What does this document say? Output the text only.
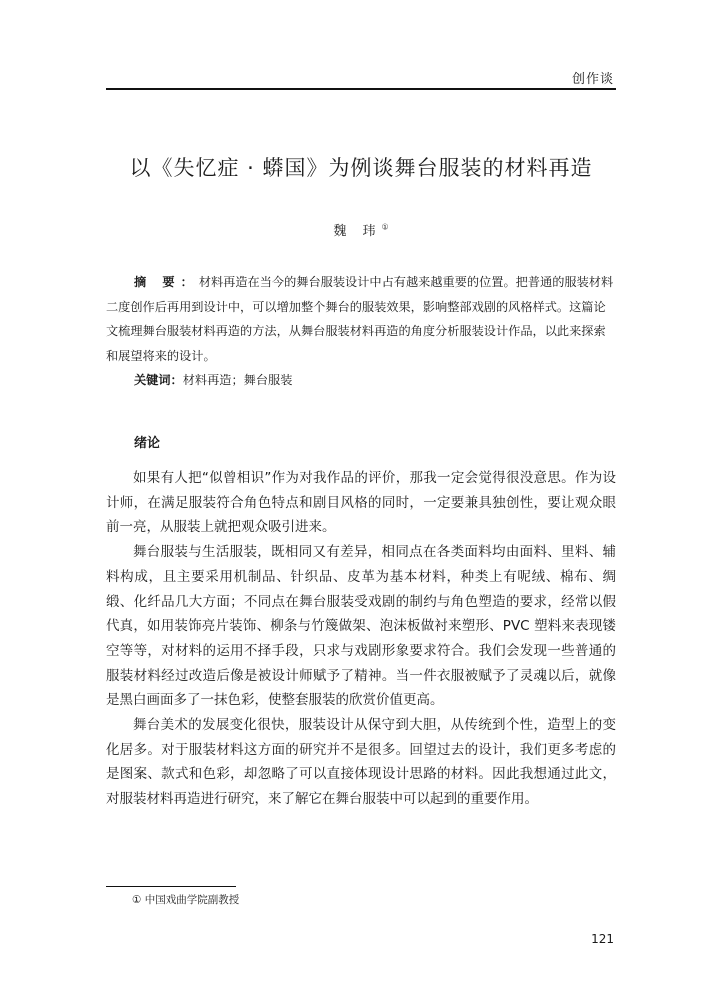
创作谈
以《失忆症 · 蟒国》为例谈舞台服装的材料再造
魏 玮①
摘 要：材料再造在当今的舞台服装设计中占有越来越重要的位置。把普通的服装材料二度创作后再用到设计中，可以增加整个舞台的服装效果，影响整部戏剧的风格样式。这篇论文梳理舞台服装材料再造的方法，从舞台服装材料再造的角度分析服装设计作品，以此来探索和展望将来的设计。
关键词：材料再造；舞台服装
绪论

如果有人把“似曾相识”作为对我作品的评价，那我一定会觉得很没意思。作为设计师，在满足服装符合角色特点和剧目风格的同时，一定要兼具独创性，要让观众眼前一亮，从服装上就把观众吸引进来。

舞台服装与生活服装，既相同又有差异，相同点在各类面料均由面料、里料、辅料构成，且主要采用机制品、针织品、皮革为基本材料，种类上有呢绒、棉布、绸缎、化纤品几大方面；不同点在舞台服装受戏剧的制约与角色塑造的要求，经常以假代真，如用装饰亮片装饰、柳条与竹篾做架、泡沫板做衬来塑形、PVC 塑料来表现镂空等等，对材料的运用不择手段，只求与戏剧形象要求符合。我们会发现一些普通的服装材料经过改造后像是被设计师赋予了精神。当一件衣服被赋予了灵魂以后，就像是黑白画面多了一抹色彩，使整套服装的欣赏价值更高。

舞台美术的发展变化很快，服装设计从保守到大胆，从传统到个性，造型上的变化居多。对于服装材料这方面的研究并不是很多。回望过去的设计，我们更多考虑的是图案、款式和色彩，却忽略了可以直接体现设计思路的材料。因此我想通过此文，对服装材料再造进行研究，来了解它在舞台服装中可以起到的重要作用。

① 中国戏曲学院副教授
121
